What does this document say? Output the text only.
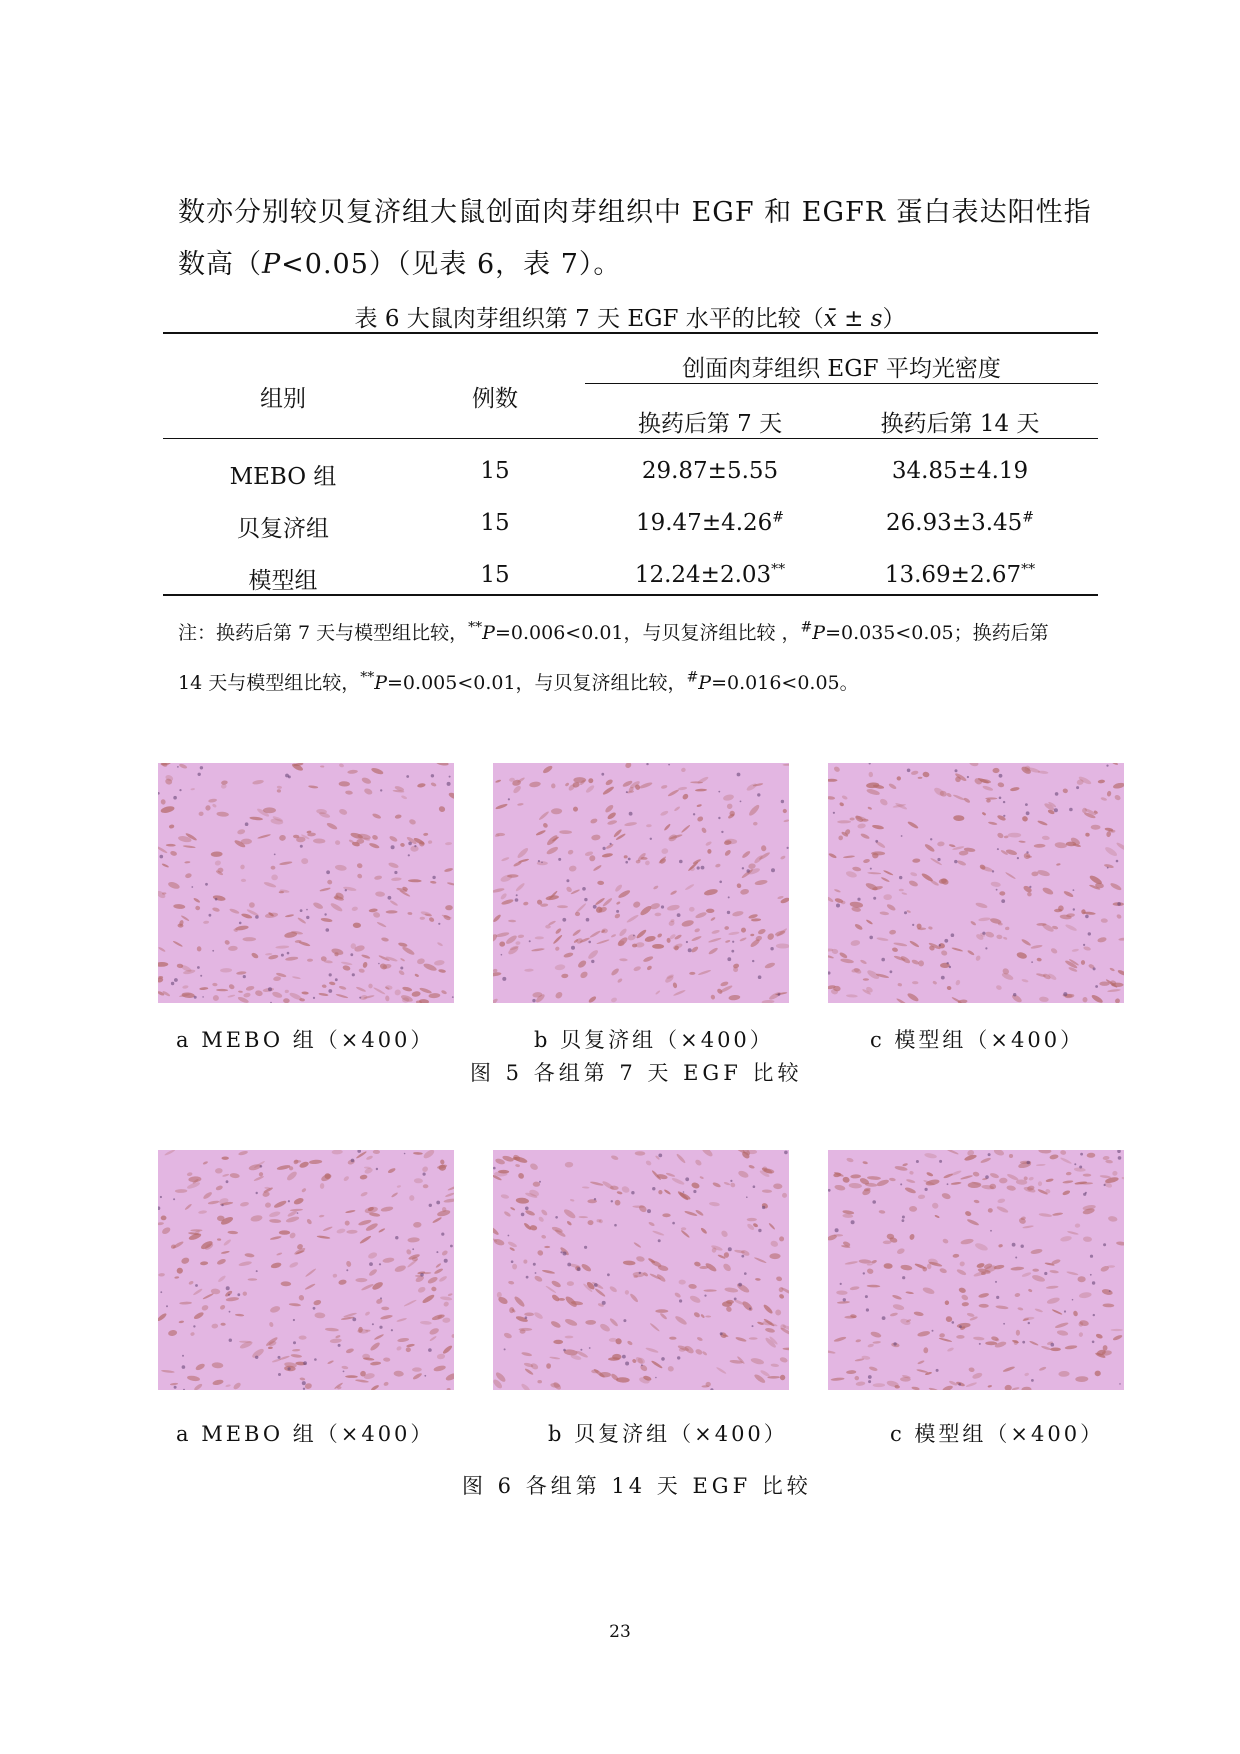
数亦分别较贝复济组大鼠创面肉芽组织中 EGF 和 EGFR 蛋白表达阳性指
数高（P<0.05）（见表 6，表 7）。
表 6 大鼠肉芽组织第 7 天 EGF 水平的比较（x̄ ± s）
组别	例数
创面肉芽组织 EGF 平均光密度
换药后第 7 天	换药后第 14 天
MEBO 组	15	29.87±5.55	34.85±4.19
贝复济组	15	19.47±4.26#	26.93±3.45#
模型组	15	12.24±2.03**	13.69±2.67**
注：换药后第 7 天与模型组比较，**P=0.006<0.01，与贝复济组比较 ，#P=0.035<0.05；换药后第
14 天与模型组比较，**P=0.005<0.01，与贝复济组比较，#P=0.016<0.05。
a MEBO 组（×400）	b 贝复济组（×400）	c 模型组（×400）
图 5 各组第 7 天 EGF 比较
a MEBO 组（×400）	b 贝复济组（×400）	c 模型组（×400）
图 6 各组第 14 天 EGF 比较
23
